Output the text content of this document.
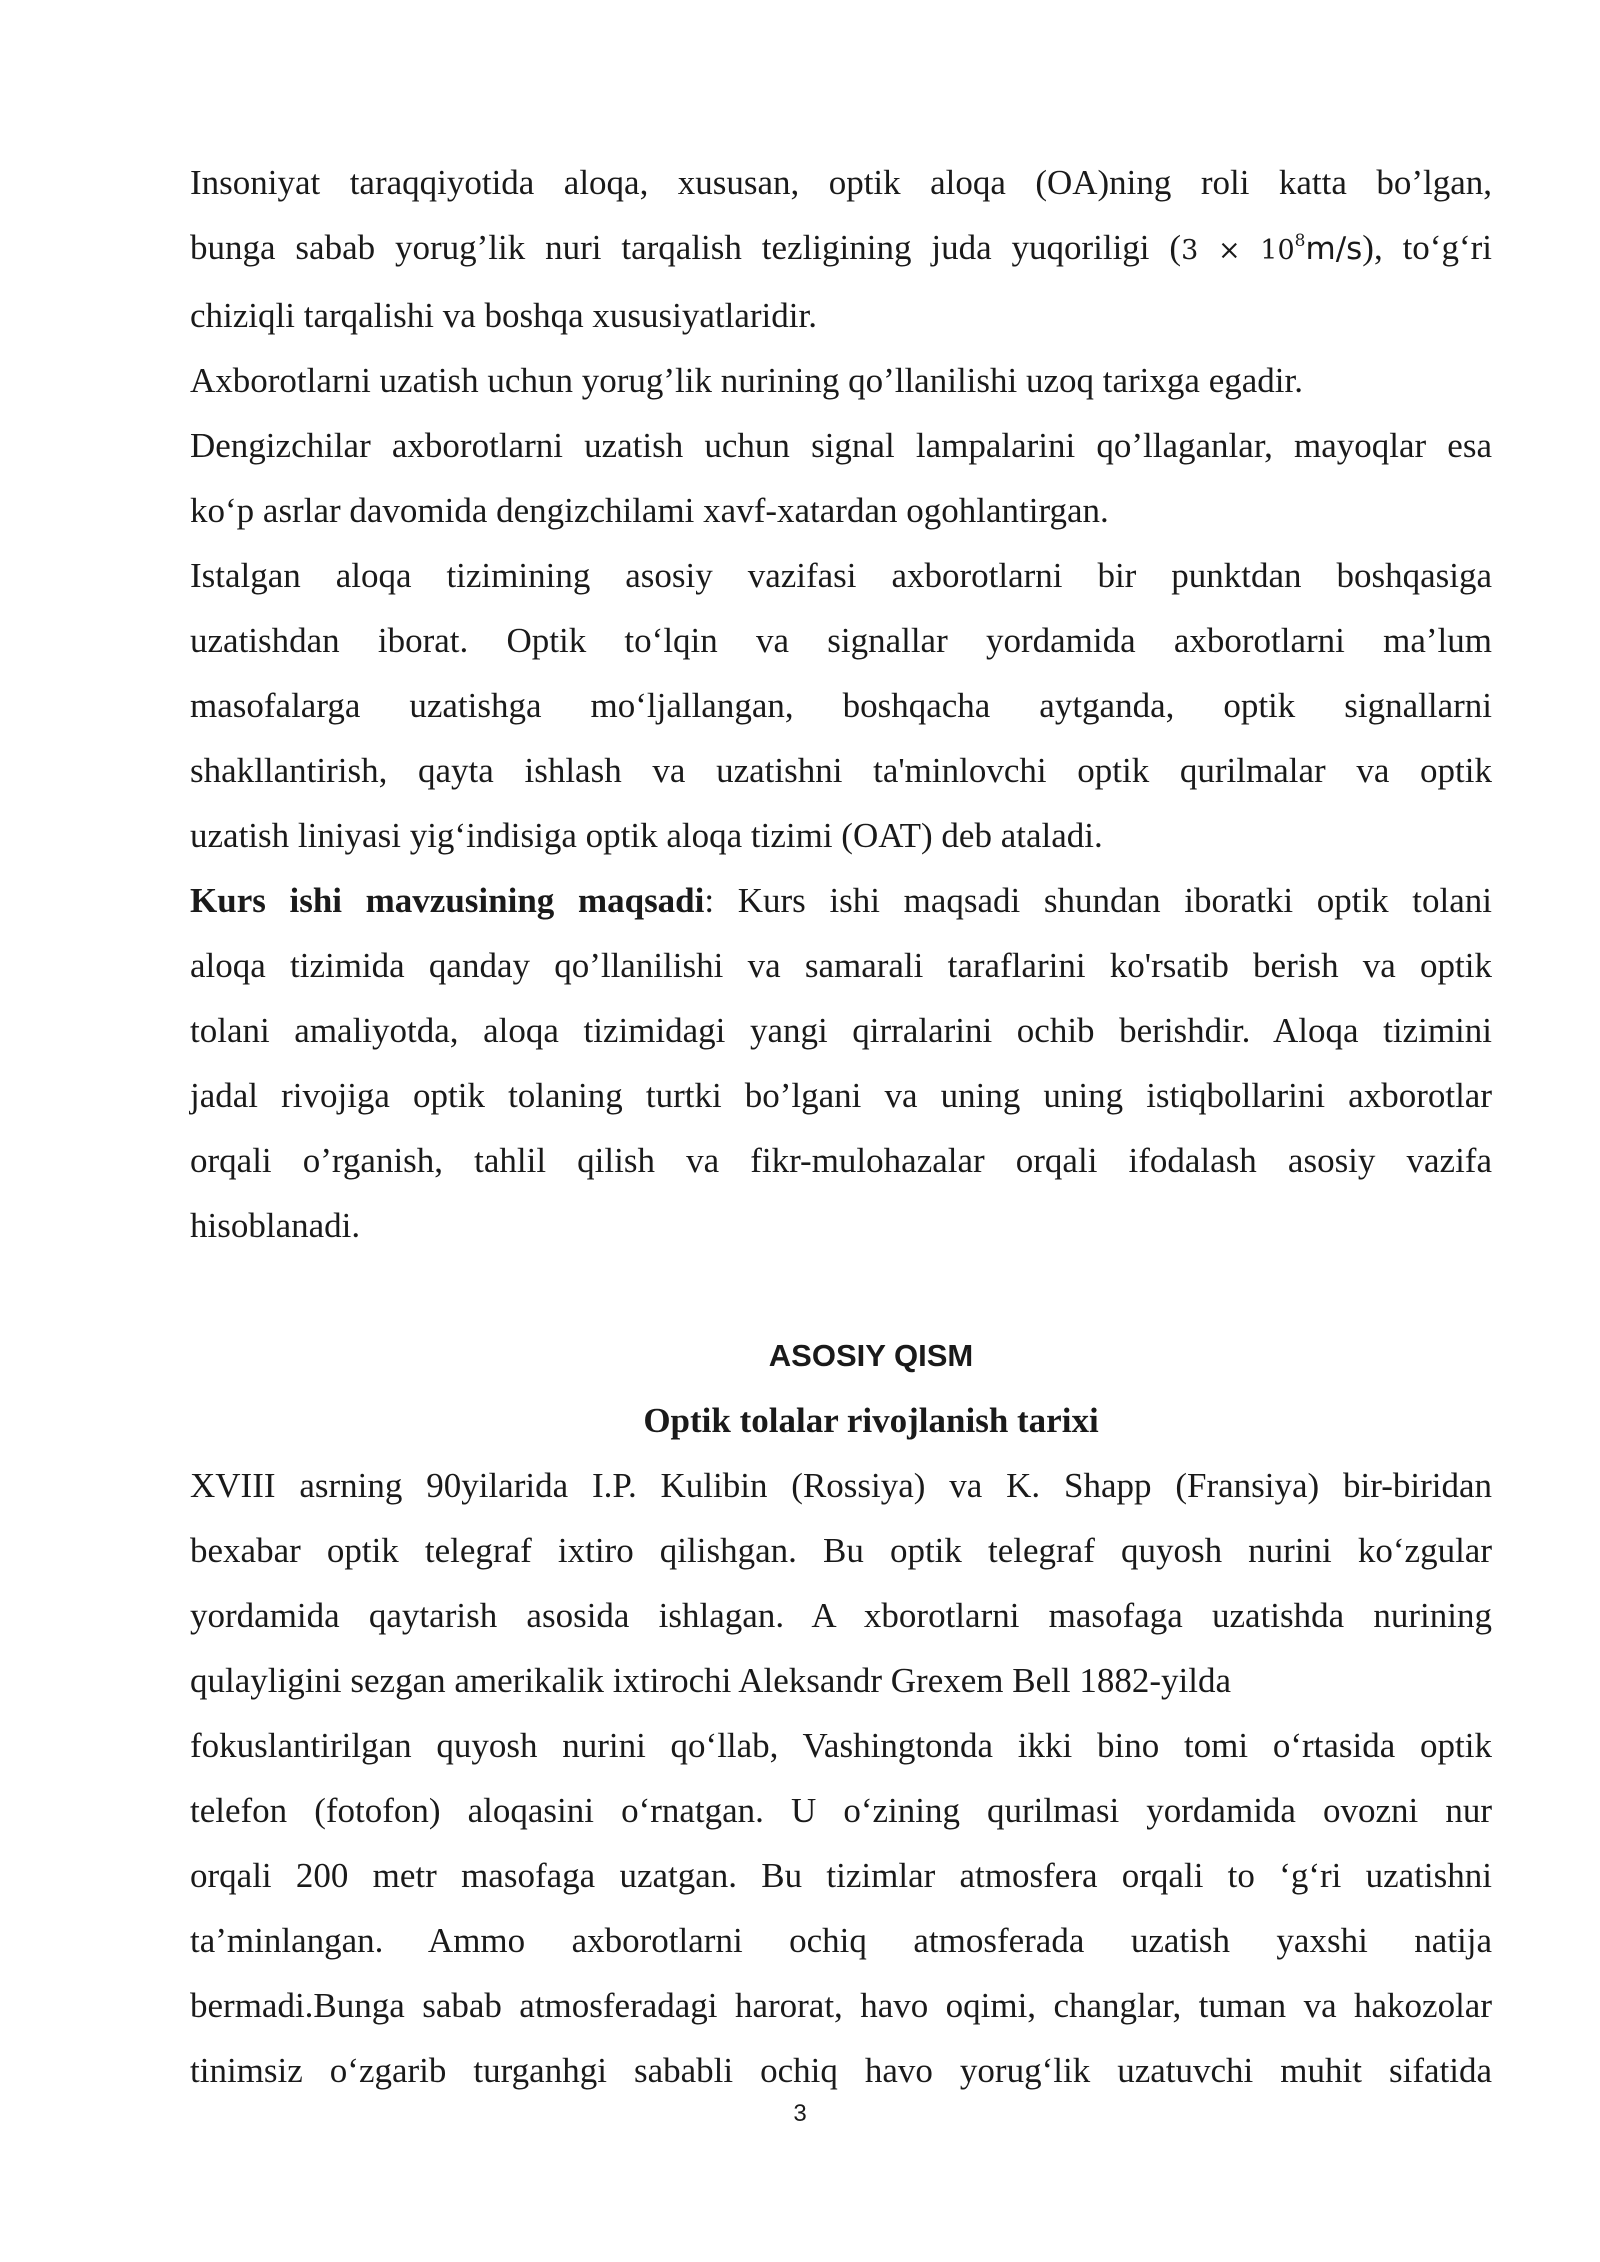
Insoniyat taraqqiyotida aloqa, xususan, optik aloqa (OA)ning roli katta bo’lgan,
bunga sabab yorug’lik nuri tarqalish tezligining juda yuqoriligi $(3 \times 10^8m/s)$, to‘g‘ri
chiziqli tarqalishi va boshqa xususiyatlaridir.

Axborotlarni uzatish uchun yorug’lik nurining qo’llanilishi uzoq tarixga egadir.
Dengizchilar axborotlarni uzatish uchun signal lampalarini qo’llaganlar, mayoqlar esa
ko‘p asrlar davomida dengizchilami xavf-xatardan ogohlantirgan.

Istalgan aloqa tizimining asosiy vazifasi axborotlarni bir punktdan boshqasiga
uzatishdan iborat. Optik to‘lqin va signallar yordamida axborotlarni ma’lum
masofalarga uzatishga mo‘ljallangan, boshqacha aytganda, optik signallarni
shakllantirish, qayta ishlash va uzatishni ta'minlovchi optik qurilmalar va optik
uzatish liniyasi yig‘indisiga optik aloqa tizimi (OAT) deb ataladi.

Kurs ishi mavzusining maqsadi: Kurs ishi maqsadi shundan iboratki optik tolani
aloqa tizimida qanday qo’llanilishi va samarali taraflarini ko'rsatib berish va optik
tolani amaliyotda, aloqa tizimidagi yangi qirralarini ochib berishdir. Aloqa tizimini
jadal rivojiga optik tolaning turtki bo’lgani va uning uning istiqbollarini axborotlar
orqali o’rganish, tahlil qilish va fikr-mulohazalar orqali ifodalash asosiy vazifa
hisoblanadi.

ASOSIY QISM
Optik tolalar rivojlanish tarixi

XVIII asrning 90yilarida I.P. Kulibin (Rossiya) va K. Shapp (Fransiya) bir-biridan
bexabar optik telegraf ixtiro qilishgan. Bu optik telegraf quyosh nurini ko‘zgular
yordamida qaytarish asosida ishlagan. A xborotlarni masofaga uzatishda nurining
qulayligini sezgan amerikalik ixtirochi Aleksandr Grexem Bell 1882-yilda
fokuslantirilgan quyosh nurini qo‘llab, Vashingtonda ikki bino tomi o‘rtasida optik
telefon (fotofon) aloqasini o‘rnatgan. U o‘zining qurilmasi yordamida ovozni nur
orqali 200 metr masofaga uzatgan. Bu tizimlar atmosfera orqali to ‘g‘ri uzatishni
ta’minlangan. Ammo axborotlarni ochiq atmosferada uzatish yaxshi natija
bermadi.Bunga sabab atmosferadagi harorat, havo oqimi, changlar, tuman va hakozolar
tinimsiz o‘zgarib turganhgi sababli ochiq havo yorug‘lik uzatuvchi muhit sifatida

3
